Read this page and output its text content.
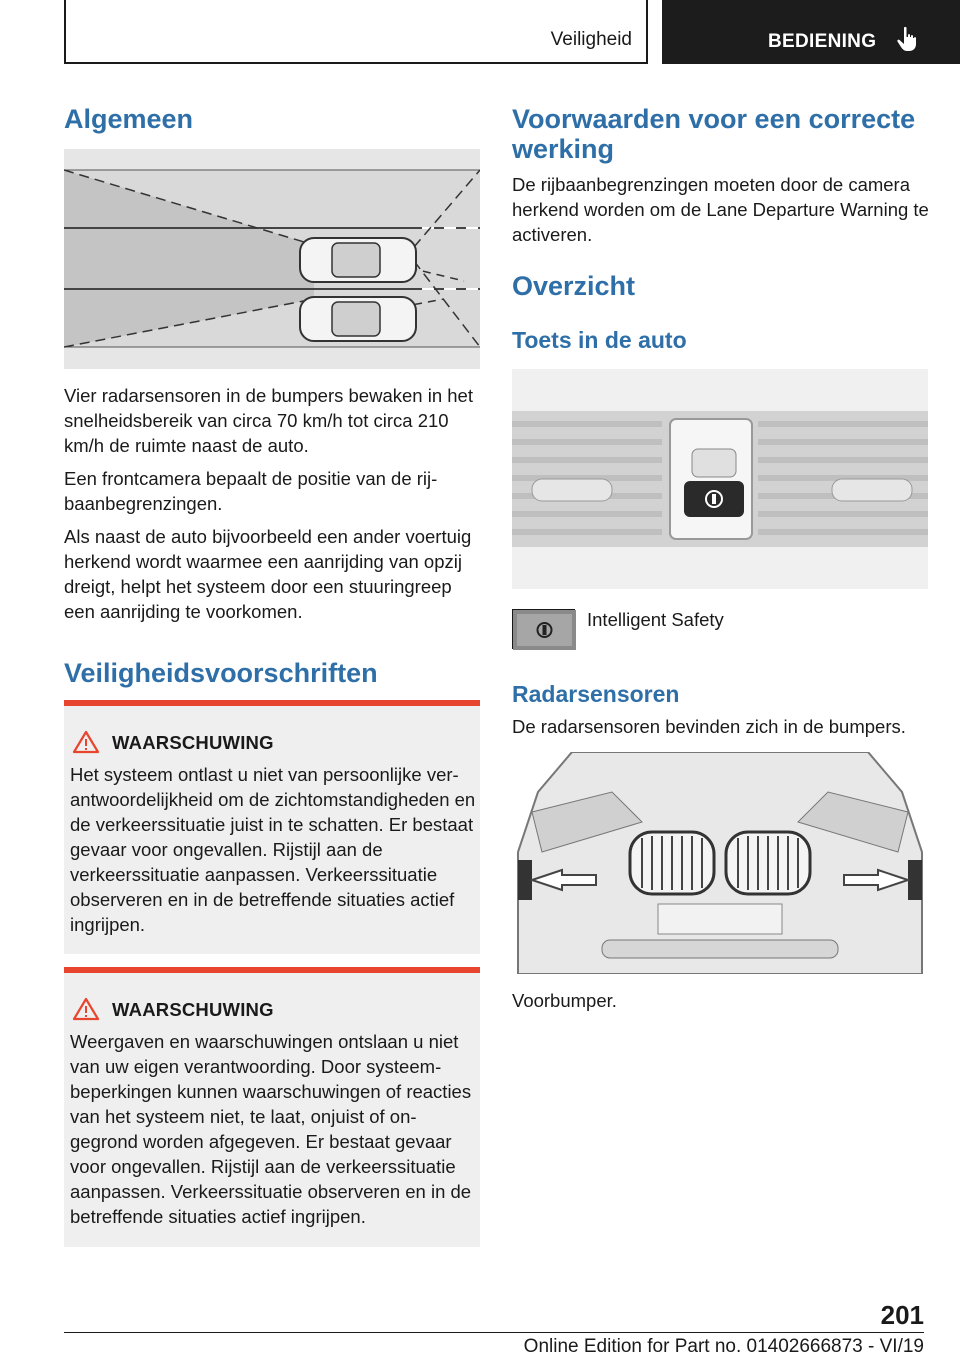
Veiligheid	BEDIENING
Algemeen

Vier radarsensoren in de bumpers bewaken in het snelheidsbereik van circa 70 km/h tot circa 210 km/h de ruimte naast de auto.

Een frontcamera bepaalt de positie van de rijbaanbegrenzingen.

Als naast de auto bijvoorbeeld een ander voertuig herkend wordt waarmee een aanrijding van opzij dreigt, helpt het systeem door een stuuringreep een aanrijding te voorkomen.

Veiligheidsvoorschriften
WAARSCHUWING

Het systeem ontlast u niet van persoonlijke verantwoordelijkheid om de zichtomstandigheden en de verkeerssituatie juist in te schatten. Er bestaat gevaar voor ongevallen. Rijstijl aan de verkeerssituatie aanpassen. Verkeerssituatie observeren en in de betreffende situaties actief ingrijpen.

WAARSCHUWING

Weergaven en waarschuwingen ontslaan u niet van uw eigen verantwoording. Door systeembeperkingen kunnen waarschuwingen of reacties van het systeem niet, te laat, onjuist of ongegrond worden afgegeven. Er bestaat gevaar voor ongevallen. Rijstijl aan de verkeerssituatie aanpassen. Verkeerssituatie observeren en in de betreffende situaties actief ingrijpen.

Voorwaarden voor een correcte werking

De rijbaanbegrenzingen moeten door de camera herkend worden om de Lane Departure Warning te activeren.

Overzicht
Toets in de auto
Intelligent Safety
Radarsensoren

De radarsensoren bevinden zich in de bumpers.

Voorbumper.

201
Online Edition for Part no. 01402666873 - VI/19
